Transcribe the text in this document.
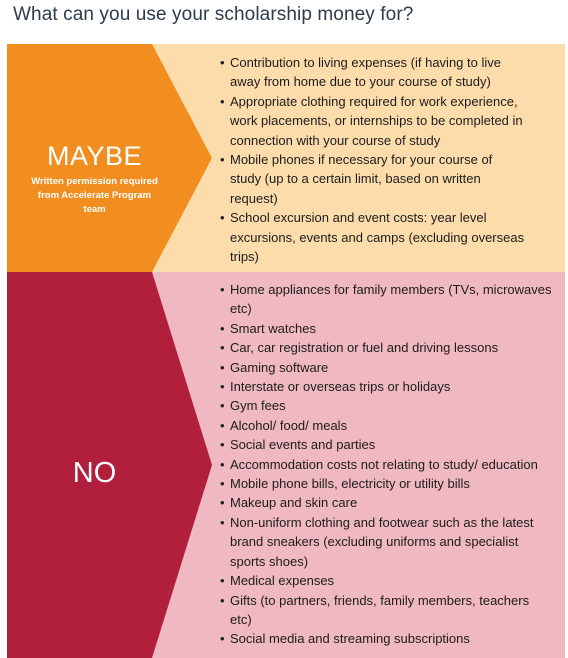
What can you use your scholarship money for?
MAYBE
Written permission required
from Accelerate Program
team
• Contribution to living expenses (if having to live
away from home due to your course of study)
• Appropriate clothing required for work experience,
work placements, or internships to be completed in
connection with your course of study
• Mobile phones if necessary for your course of
study (up to a certain limit, based on written
request)
• School excursion and event costs: year level
excursions, events and camps (excluding overseas
trips)
NO
• Home appliances for family members (TVs, microwaves
etc)
• Smart watches
• Car, car registration or fuel and driving lessons
• Gaming software
• Interstate or overseas trips or holidays
• Gym fees
• Alcohol/ food/ meals
• Social events and parties
• Accommodation costs not relating to study/ education
• Mobile phone bills, electricity or utility bills
• Makeup and skin care
• Non-uniform clothing and footwear such as the latest
brand sneakers (excluding uniforms and specialist
sports shoes)
• Medical expenses
• Gifts (to partners, friends, family members, teachers
etc)
• Social media and streaming subscriptions
